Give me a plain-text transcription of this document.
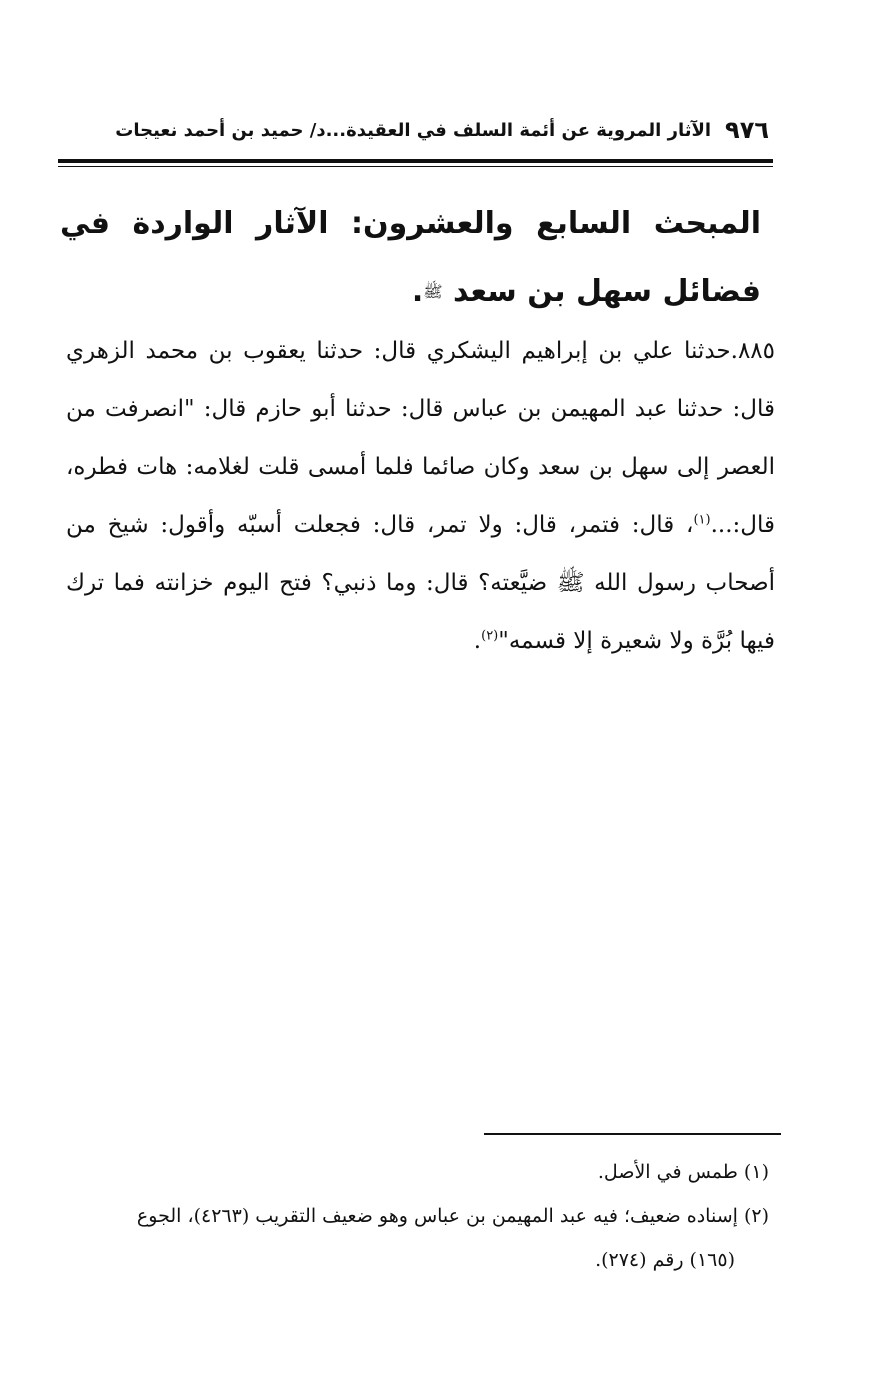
٩٧٦
الآثار المروية عن أئمة السلف في العقيدة...د/ حميد بن أحمد نعيجات
المبحث السابع والعشرون: الآثار الواردة في فضائل سهل بن سعد $^ﷺ$.
٨٨٥.حدثنا علي بن إبراهيم اليشكري قال: حدثنا يعقوب بن محمد الزهري قال: حدثنا عبد المهيمن بن عباس قال: حدثنا أبو حازم قال: "انصرفت من العصر إلى سهل بن سعد وكان صائما فلما أمسى قلت لغلامه: هات فطره، قال:...$^{(١)}$، قال: فتمر، قال: ولا تمر، قال: فجعلت أسبّه وأقول: شيخ من أصحاب رسول الله ﷺ ضيَّعته؟ قال: وما ذنبي؟ فتح اليوم خزانته فما ترك فيها بُرَّة ولا شعيرة إلا قسمه"$^{(٢)}$.

(١) طمس في الأصل.

(٢) إسناده ضعيف؛ فيه عبد المهيمن بن عباس وهو ضعيف التقريب (٤٢٦٣)، الجوع

(١٦٥) رقم (٢٧٤).
